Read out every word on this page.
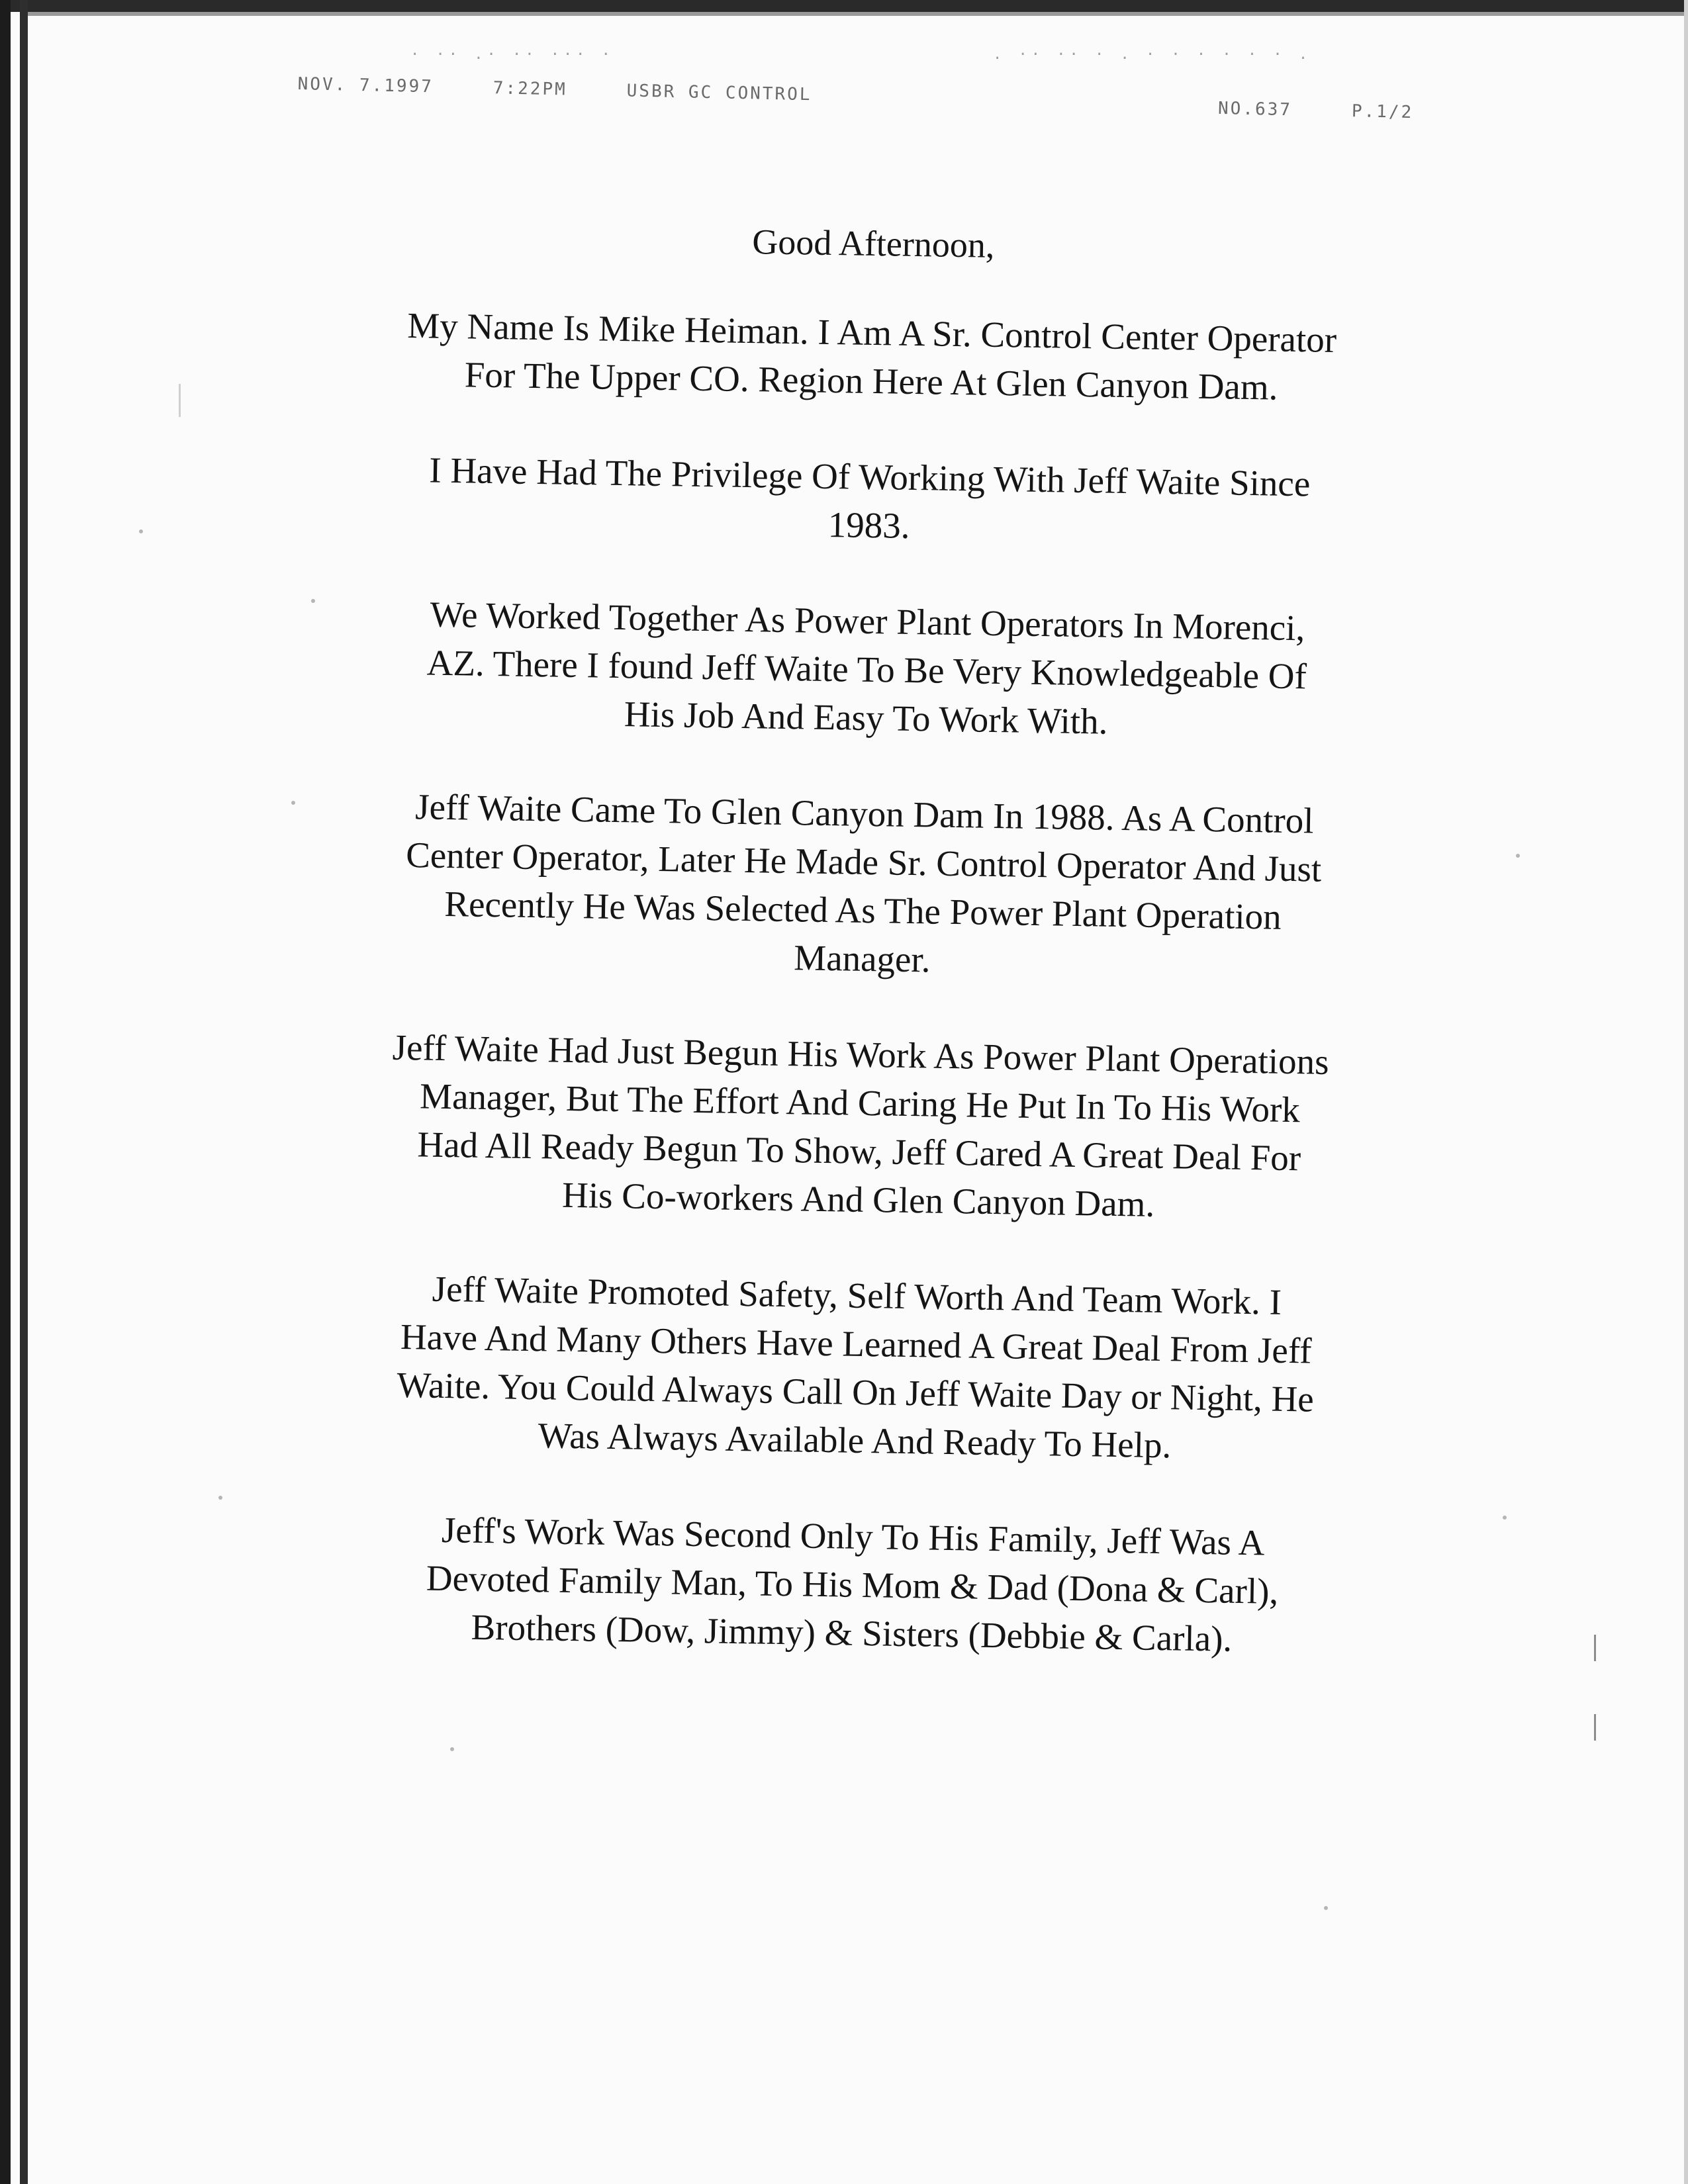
· ·· .· ·· ··· ·	. ·· ·· · . · · · · · · .
NOV. 7.1997	7:22PM	USBR GC CONTROL
NO.637	P.1/2
Good Afternoon,
My Name Is Mike Heiman. I Am A Sr. Control Center Operator
For The Upper CO. Region Here At Glen Canyon Dam.
I Have Had The Privilege Of Working With Jeff Waite Since
1983.
We Worked Together As Power Plant Operators In Morenci,
AZ. There I found Jeff Waite To Be Very Knowledgeable Of
His Job And Easy To Work With.
Jeff Waite Came To Glen Canyon Dam In 1988. As A Control
Center Operator, Later He Made Sr. Control Operator And Just
Recently He Was Selected As The Power Plant Operation
Manager.
Jeff Waite Had Just Begun His Work As Power Plant Operations
Manager, But The Effort And Caring He Put In To His Work
Had All Ready Begun To Show, Jeff Cared A Great Deal For
His Co-workers And Glen Canyon Dam.
Jeff Waite Promoted Safety, Self Worth And Team Work. I
Have And Many Others Have Learned A Great Deal From Jeff
Waite. You Could Always Call On Jeff Waite Day or Night, He
Was Always Available And Ready To Help.
Jeff's Work Was Second Only To His Family, Jeff Was A
Devoted Family Man, To His Mom & Dad (Dona & Carl),
Brothers (Dow, Jimmy) & Sisters (Debbie & Carla).
